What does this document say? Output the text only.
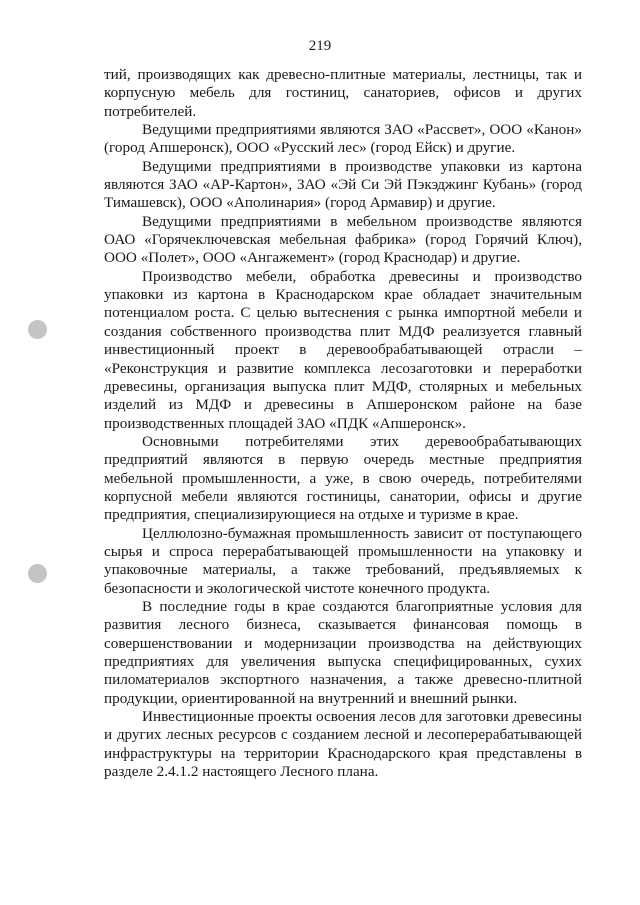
219

тий, производящих как древесно-плитные материалы, лестницы, так и корпусную мебель для гостиниц, санаториев, офисов и других потребителей.

Ведущими предприятиями являются ЗАО «Рассвет», ООО «Канон» (город Апшеронск), ООО «Русский лес» (город Ейск) и другие.

Ведущими предприятиями в производстве упаковки из картона являются ЗАО «АР-Картон», ЗАО «Эй Си Эй Пэкэджинг Кубань» (город Тимашевск), ООО «Аполинария» (город Армавир) и другие.

Ведущими предприятиями в мебельном производстве являются ОАО «Горячеключевская мебельная фабрика» (город Горячий Ключ), ООО «Полет», ООО «Ангажемент» (город Краснодар) и другие.

Производство мебели, обработка древесины и производство упаковки из картона в Краснодарском крае обладает значительным потенциалом роста. С целью вытеснения с рынка импортной мебели и создания собственного производства плит МДФ реализуется главный инвестиционный проект в деревообрабатывающей отрасли – «Реконструкция и развитие комплекса лесозаготовки и переработки древесины, организация выпуска плит МДФ, столярных и мебельных изделий из МДФ и древесины в Апшеронском районе на базе производственных площадей ЗАО «ПДК «Апшеронск».

Основными потребителями этих деревообрабатывающих предприятий являются в первую очередь местные предприятия мебельной промышленности, а уже, в свою очередь, потребителями корпусной мебели являются гостиницы, санатории, офисы и другие предприятия, специализирующиеся на отдыхе и туризме в крае.

Целлюлозно-бумажная промышленность зависит от поступающего сырья и спроса перерабатывающей промышленности на упаковку и упаковочные материалы, а также требований, предъявляемых к безопасности и экологической чистоте конечного продукта.

В последние годы в крае создаются благоприятные условия для развития лесного бизнеса, сказывается финансовая помощь в совершенствовании и модернизации производства на действующих предприятиях для увеличения выпуска специфицированных, сухих пиломатериалов экспортного назначения, а также древесно-плитной продукции, ориентированной на внутренний и внешний рынки.

Инвестиционные проекты освоения лесов для заготовки древесины и других лесных ресурсов с созданием лесной и лесоперерабатывающей инфраструктуры на территории Краснодарского края представлены в разделе 2.4.1.2 настоящего Лесного плана.
